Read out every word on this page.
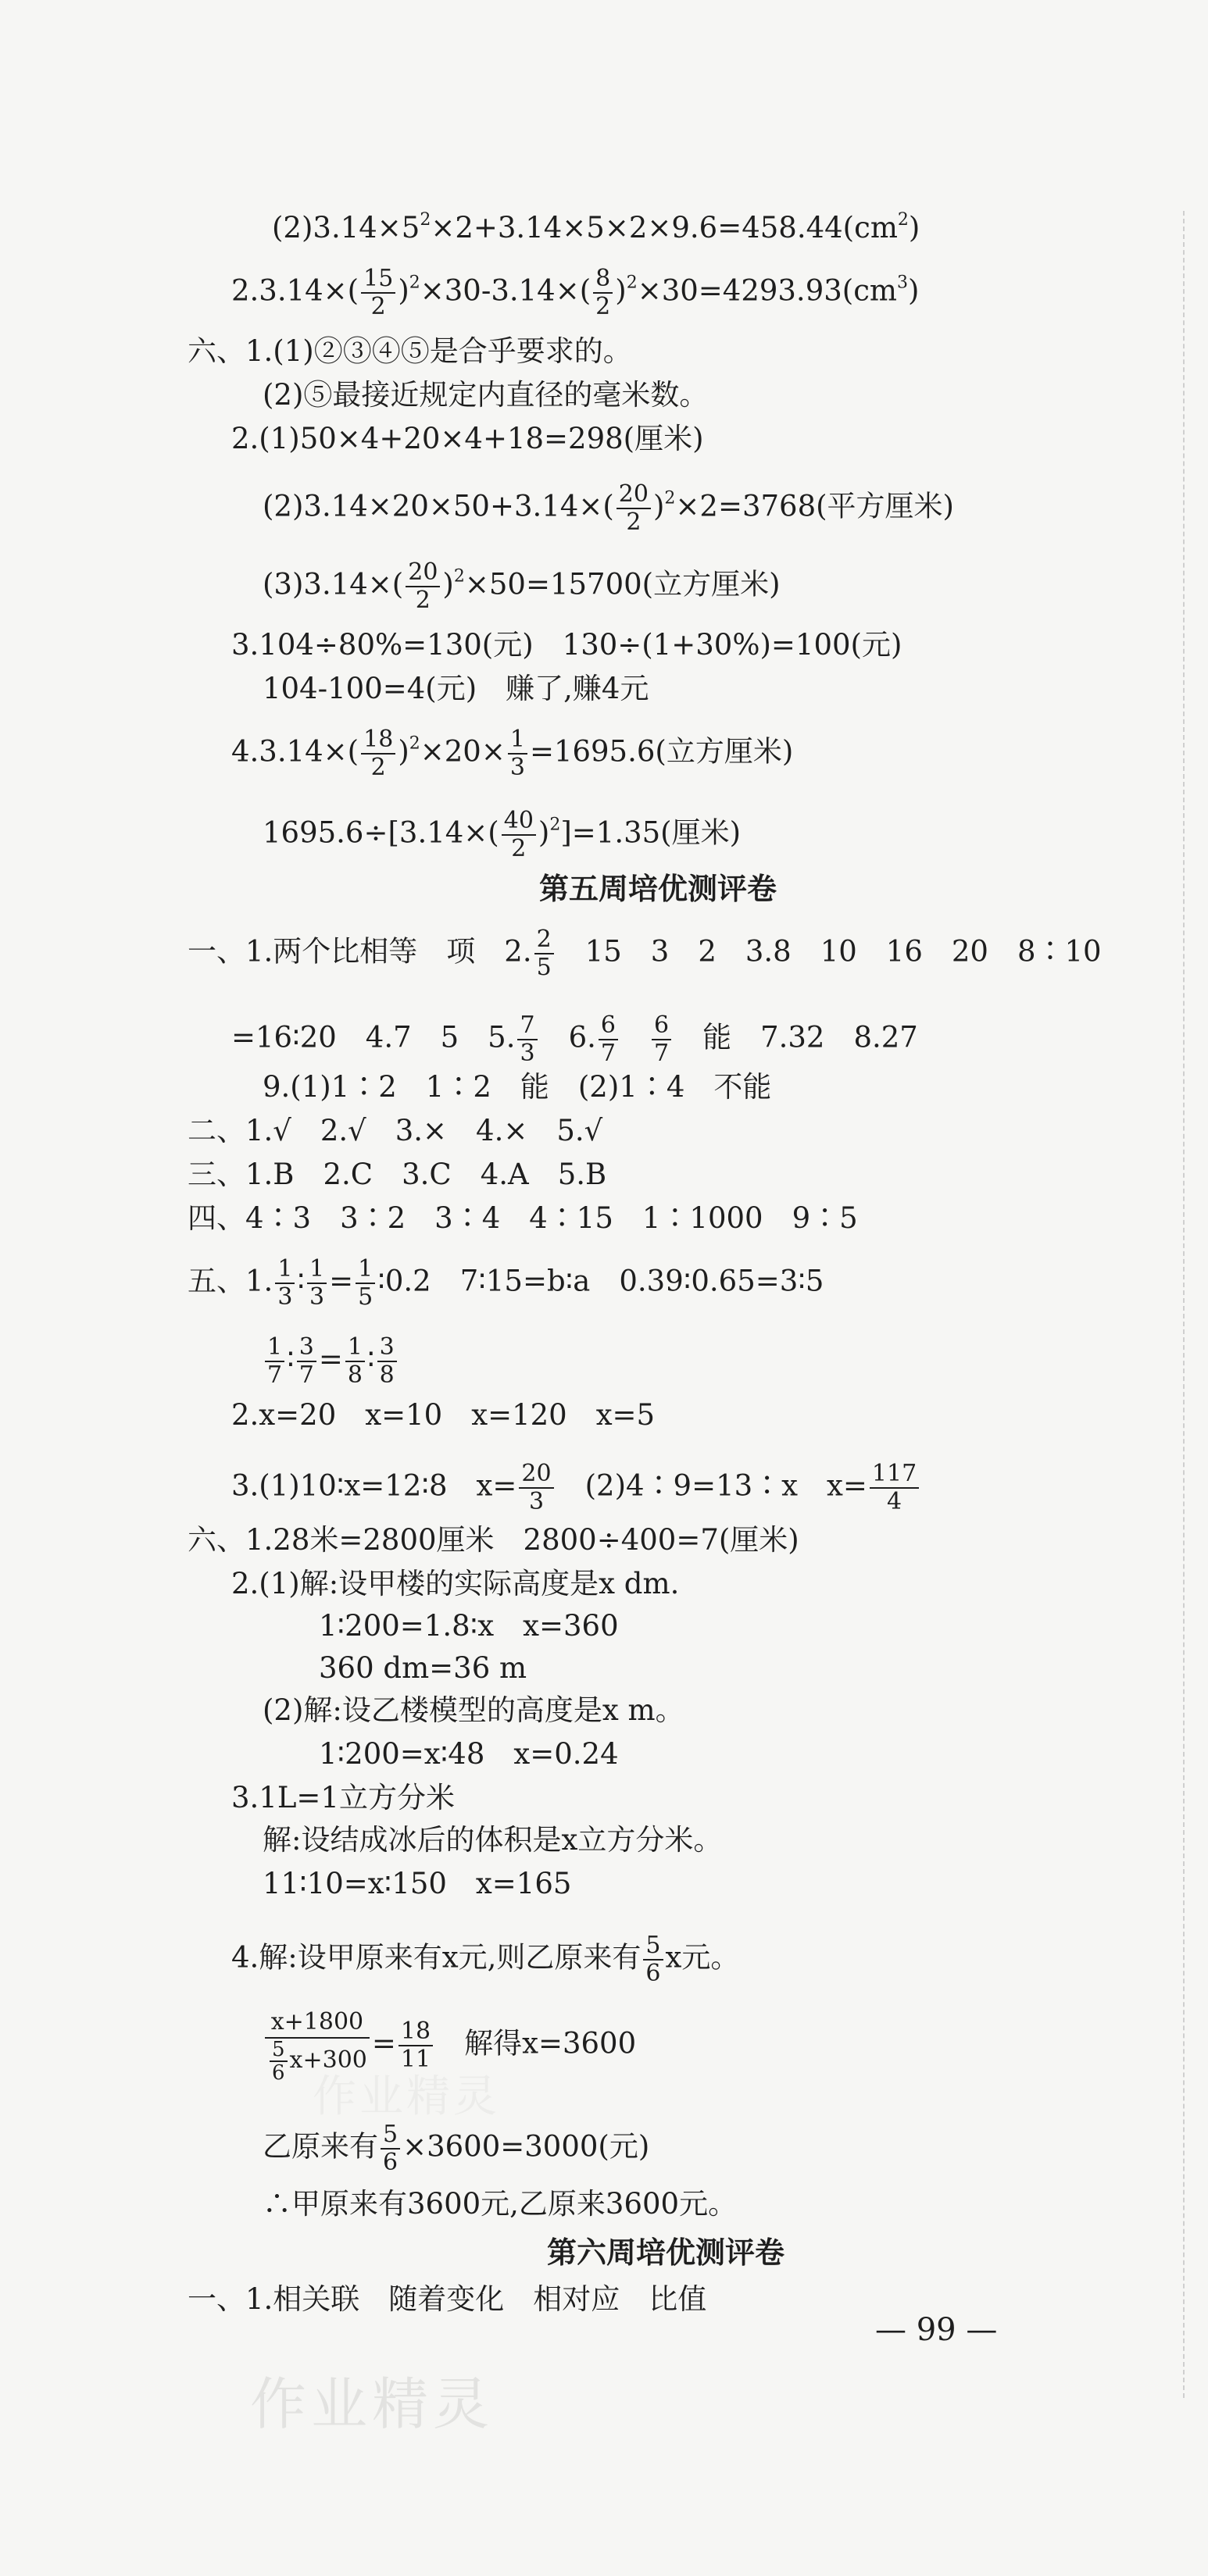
$(2)3.14\times 5^2\times 2+3.14\times 5\times 2\times 9.6=458.44(cm^2)$
$2.3.14\times( \frac{15}{2} )^2\times 30-3.14\times( \frac{8}{2} )^2\times 30=4293.93(cm^3)$
六、1.(1)②③④⑤是合乎要求的。
(2)⑤最接近规定内直径的毫米数。
2.(1)50×4+20×4+18=298(厘米)
$(2)3.14\times 20\times 50+3.14\times( \frac{20}{2} )^2\times 2=3768$(平方厘米)
$(3)3.14\times( \frac{20}{2} )^2\times 50=15700$(立方厘米)
3.104÷80%=130(元)　130÷(1+30%)=100(元)
104-100=4(元)　赚了,赚4元
$4.3.14\times( \frac{18}{2} )^2\times 20\times \frac{1}{3} =1695.6$(立方厘米)
$1695.6\div[3.14\times( \frac{40}{2} )^2]=1.35$(厘米)
第五周培优测评卷
一、1.两个比相等　项　2. $\frac{2}{5}$ 　15　3　2　3.8　10　16　20　8∶10
=16∶20　4.7　5　5. $\frac{7}{3}$ 　6. $\frac{6}{7}$
　 $\frac{6}{7}$ 　能　7.32　8.27
9.(1)1∶2　1∶2　能　(2)1∶4　不能
二、1.√　2.√　3.×　4.×　5.√
三、1.B　2.C　3.C　4.A　5.B
四、4∶3　3∶2　3∶4　4∶15　1∶1000　9∶5
五、1. $\frac{1}{3}$ ∶ $\frac{1}{3} = \frac{1}{5}$ ∶0.2　7∶15=b∶a　0.39∶0.65=3∶5
$\frac{1}{7}$ ∶ $\frac{3}{7} = \frac{1}{8}$ ∶ $\frac{3}{8}$
2.x=20　x=10　x=120　x=5
3.(1)10∶x=12∶8　$x= \frac{20}{3}$ 　(2)4∶9=13∶x　$x= \frac{117}{4}$
六、1.28米=2800厘米　2800÷400=7(厘米)
2.(1)解:设甲楼的实际高度是x dm.
1∶200=1.8∶x　x=360
360 dm=36 m
(2)解:设乙楼模型的高度是x m。
1∶200=x∶48　x=0.24
3.1L=1立方分米
解:设结成冰后的体积是x立方分米。
11∶10=x∶150　x=165
4.解:设甲原来有x元,则乙原来有 $\frac{5}{6}$ x元。
$\frac{x+1800}{\frac{5}{6} x+300} = \frac{18}{11}$ 　解得x=3600
乙原来有 $\frac{5}{6} \times 3600=3000$(元)
∴甲原来有3600元,乙原来3600元。
第六周培优测评卷
一、1.相关联　随着变化　相对应　比值
— 99 —
作业精灵
作业精灵
